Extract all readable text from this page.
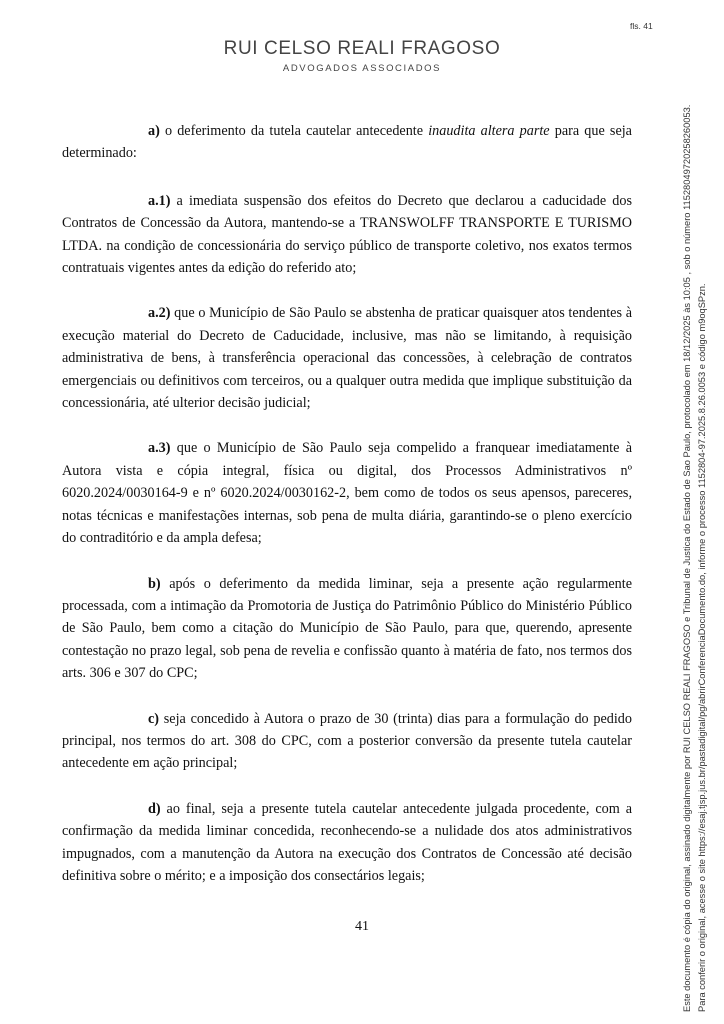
fls. 41
RUI CELSO REALI FRAGOSO
ADVOGADOS ASSOCIADOS

a) o deferimento da tutela cautelar antecedente inaudita altera parte para que seja determinado:

a.1) a imediata suspensão dos efeitos do Decreto que declarou a caducidade dos Contratos de Concessão da Autora, mantendo-se a TRANSWOLFF TRANSPORTE E TURISMO LTDA. na condição de concessionária do serviço público de transporte coletivo, nos exatos termos contratuais vigentes antes da edição do referido ato;

a.2) que o Município de São Paulo se abstenha de praticar quaisquer atos tendentes à execução material do Decreto de Caducidade, inclusive, mas não se limitando, à requisição administrativa de bens, à transferência operacional das concessões, à celebração de contratos emergenciais ou definitivos com terceiros, ou a qualquer outra medida que implique substituição da concessionária, até ulterior decisão judicial;

a.3) que o Município de São Paulo seja compelido a franquear imediatamente à Autora vista e cópia integral, física ou digital, dos Processos Administrativos nº 6020.2024/0030164-9 e nº 6020.2024/0030162-2, bem como de todos os seus apensos, pareceres, notas técnicas e manifestações internas, sob pena de multa diária, garantindo-se o pleno exercício do contraditório e da ampla defesa;

b) após o deferimento da medida liminar, seja a presente ação regularmente processada, com a intimação da Promotoria de Justiça do Patrimônio Público do Ministério Público de São Paulo, bem como a citação do Município de São Paulo, para que, querendo, apresente contestação no prazo legal, sob pena de revelia e confissão quanto à matéria de fato, nos termos dos arts. 306 e 307 do CPC;

c) seja concedido à Autora o prazo de 30 (trinta) dias para a formulação do pedido principal, nos termos do art. 308 do CPC, com a posterior conversão da presente tutela cautelar antecedente em ação principal;

d) ao final, seja a presente tutela cautelar antecedente julgada procedente, com a confirmação da medida liminar concedida, reconhecendo-se a nulidade dos atos administrativos impugnados, com a manutenção da Autora na execução dos Contratos de Concessão até decisão definitiva sobre o mérito; e a imposição dos consectários legais;

41	Este documento é cópia do original, assinado digitalmente por RUI CELSO REALI FRAGOSO e Tribunal de Justica do Estado de Sao Paulo, protocolado em 18/12/2025 às 10:05 , sob o número 11528049720258260053. Para conferir o original, acesse o site https://esaj.tjsp.jus.br/pastadigital/pg/abrirConferenciaDocumento.do, informe o processo 1152804-97.2025.8.26.0053 e código m9oqSPzn.
